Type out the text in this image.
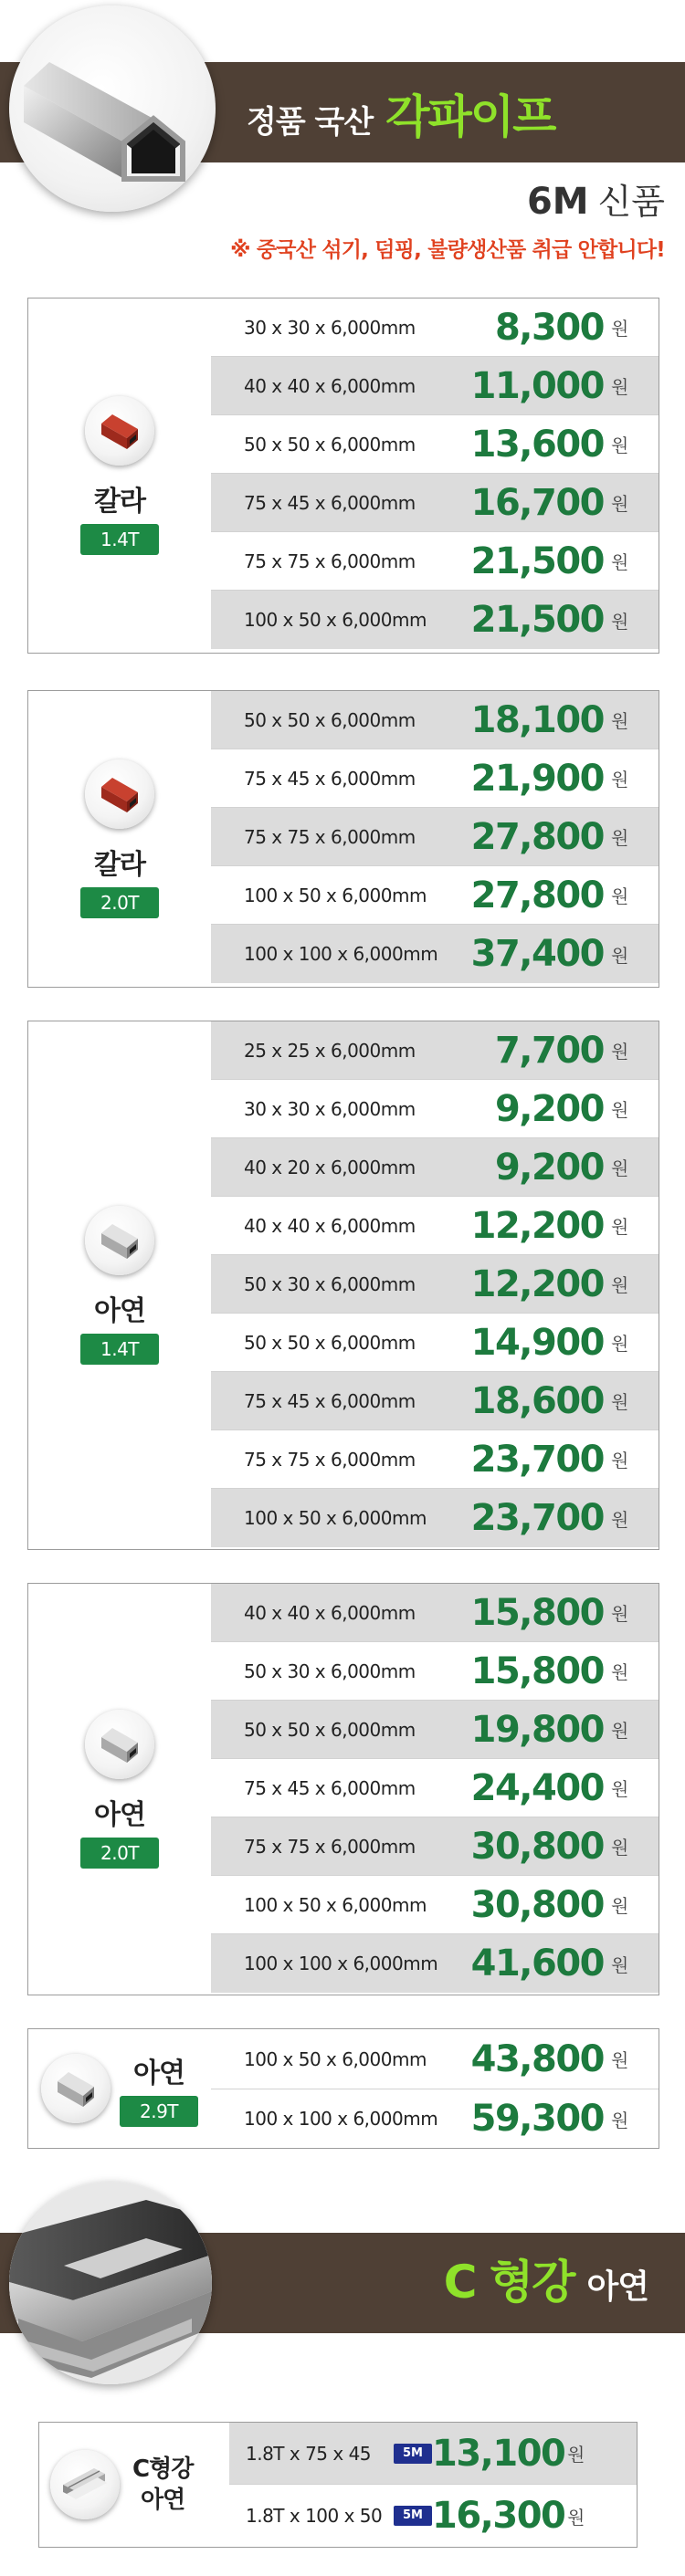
정품 국산 각파이프
6M 신품
※ 중국산 섞기, 덤핑, 불량생산품 취급 안합니다!
칼라
1.4T
30 x 30 x 6,000mm	8,300 원
40 x 40 x 6,000mm	11,000 원
50 x 50 x 6,000mm	13,600 원
75 x 45 x 6,000mm	16,700 원
75 x 75 x 6,000mm	21,500 원
100 x 50 x 6,000mm	21,500 원
칼라
2.0T
50 x 50 x 6,000mm	18,100 원
75 x 45 x 6,000mm	21,900 원
75 x 75 x 6,000mm	27,800 원
100 x 50 x 6,000mm	27,800 원
100 x 100 x 6,000mm 37,400 원
아연
1.4T
25 x 25 x 6,000mm	7,700 원
30 x 30 x 6,000mm	9,200 원
40 x 20 x 6,000mm	9,200 원
40 x 40 x 6,000mm	12,200 원
50 x 30 x 6,000mm	12,200 원
50 x 50 x 6,000mm	14,900 원
75 x 45 x 6,000mm	18,600 원
75 x 75 x 6,000mm	23,700 원
100 x 50 x 6,000mm	23,700 원
아연
2.0T
40 x 40 x 6,000mm	15,800 원
50 x 30 x 6,000mm	15,800 원
50 x 50 x 6,000mm	19,800 원
75 x 45 x 6,000mm	24,400 원
75 x 75 x 6,000mm	30,800 원
100 x 50 x 6,000mm	30,800 원
100 x 100 x 6,000mm 41,600 원
아연
2.9T
100 x 50 x 6,000mm	43,800 원
100 x 100 x 6,000mm 59,300 원
C 형강 아연
C형강
아연
1.8T x 75 x 45	5M 13,100 원
1.8T x 100 x 50	5M 16,300 원
